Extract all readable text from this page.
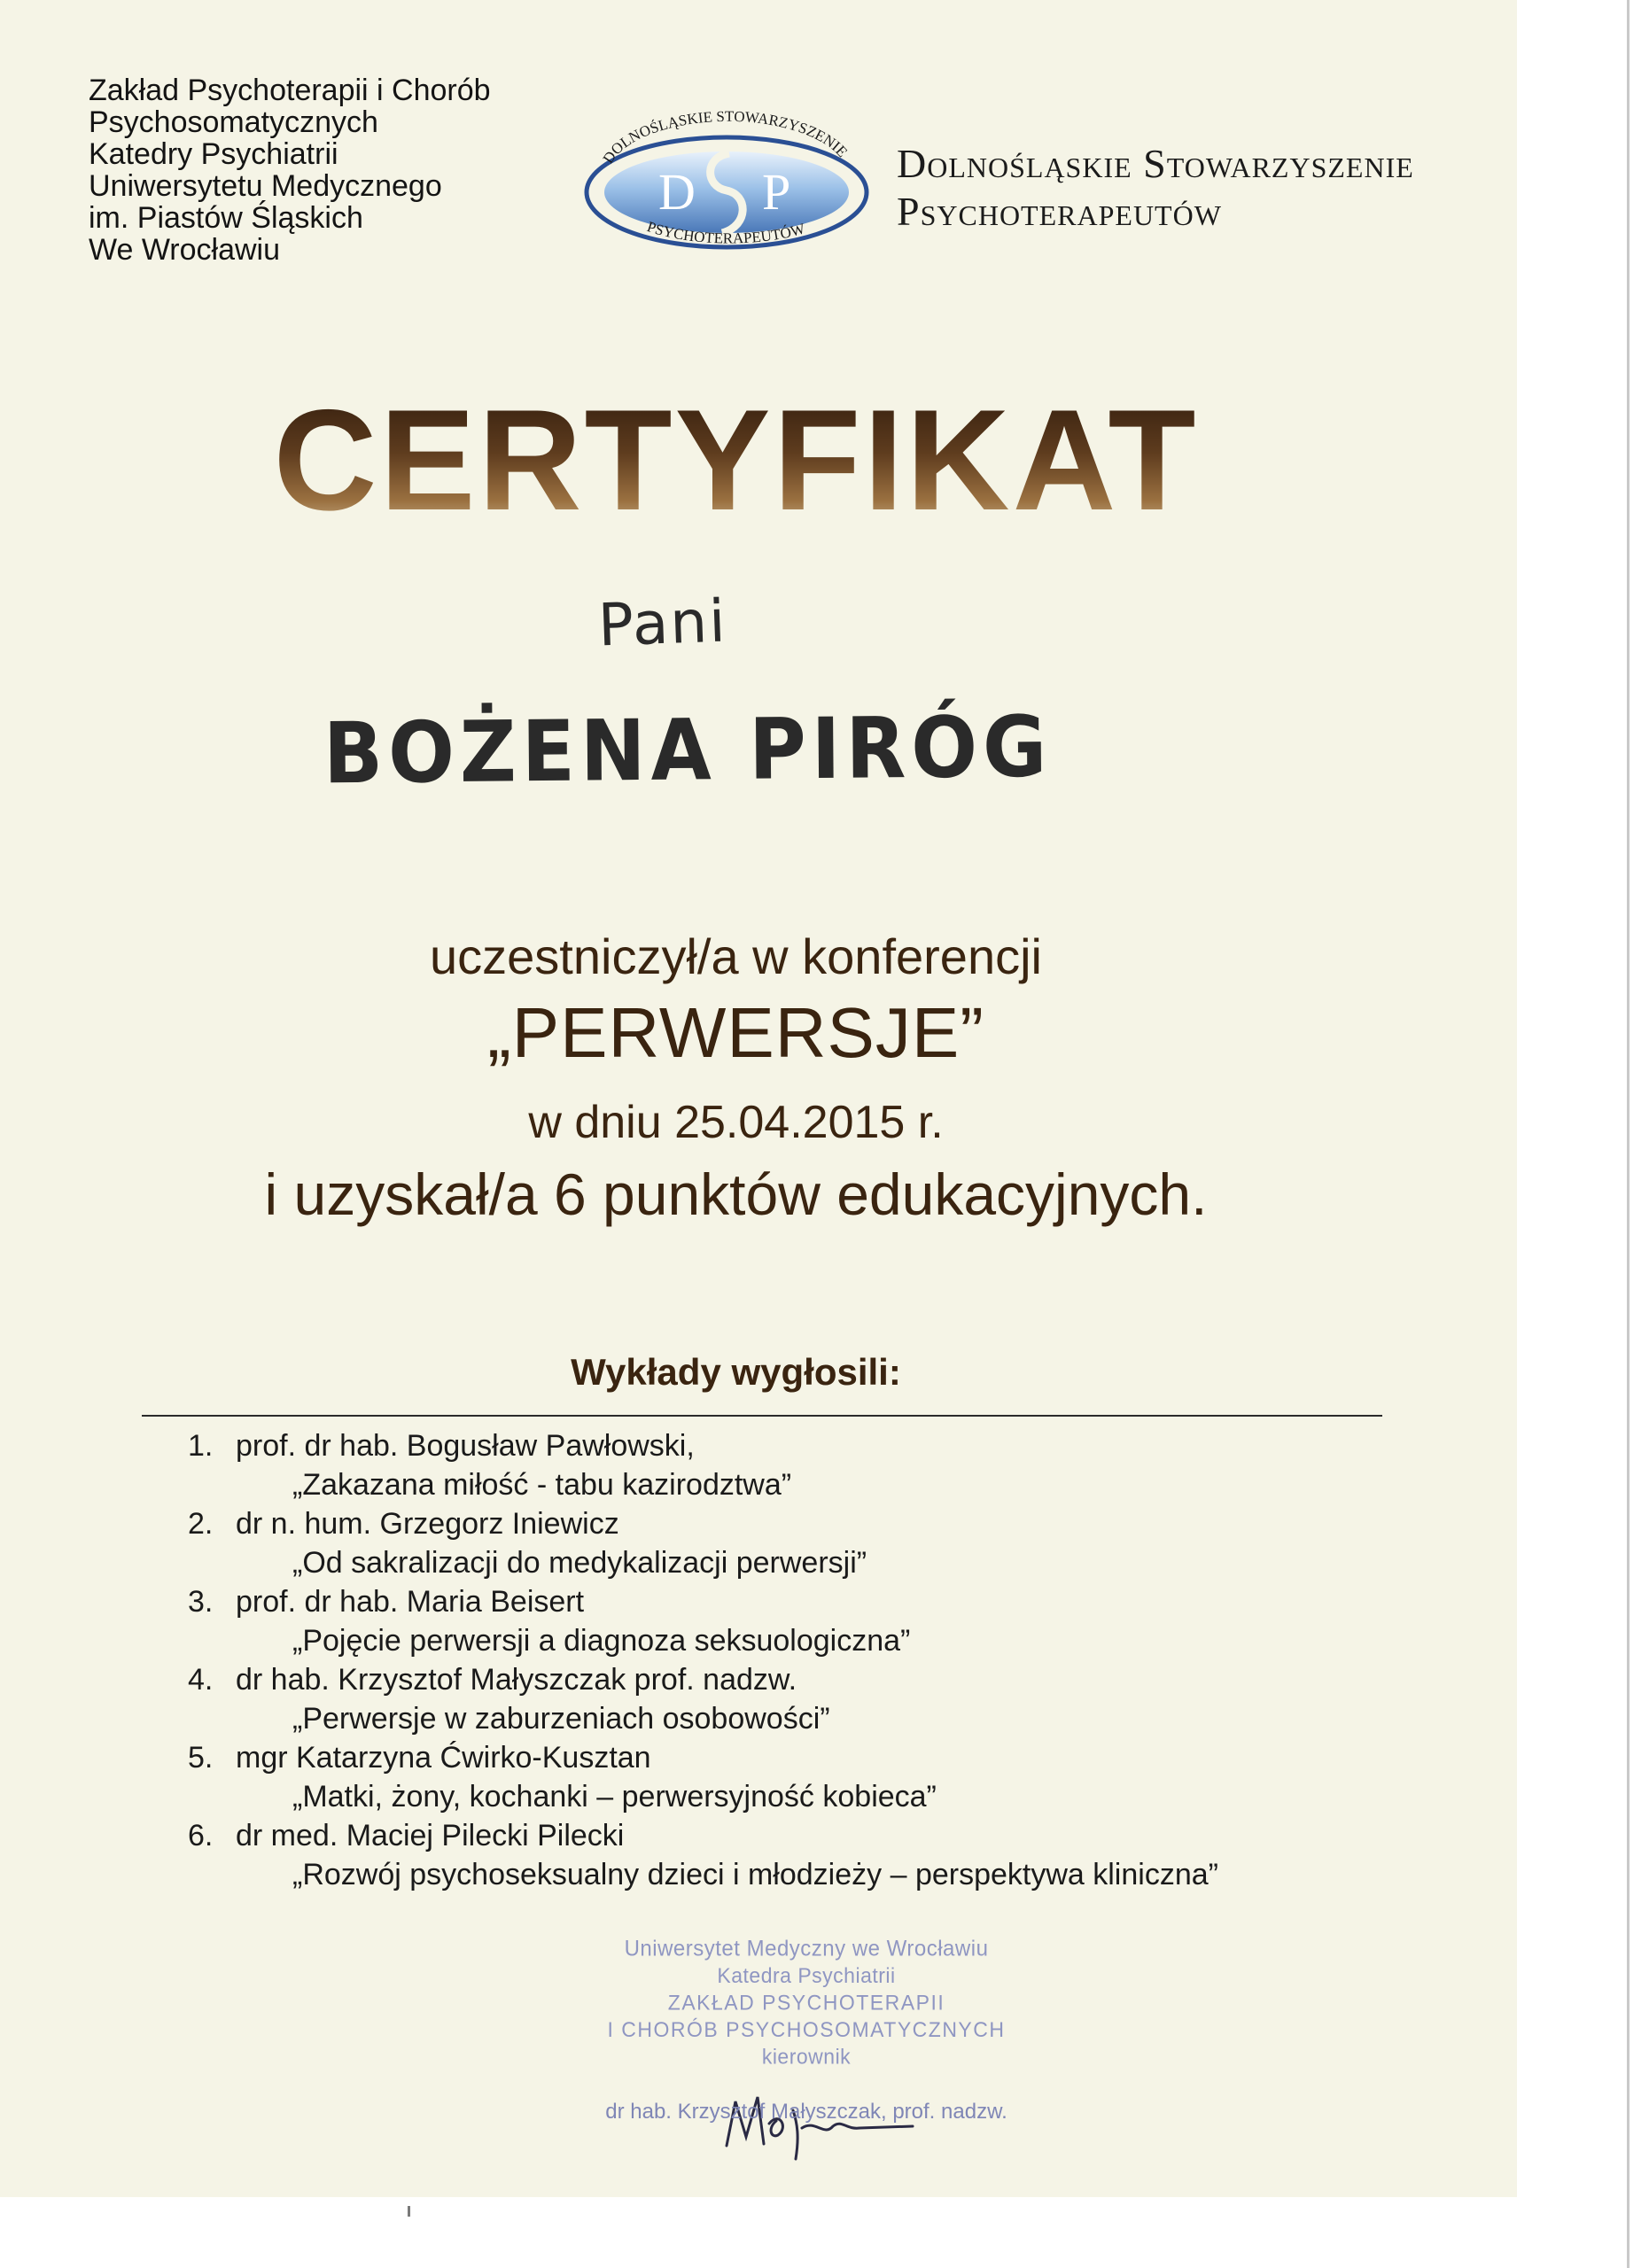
Zakład Psychoterapii i Chorób
Psychosomatycznych
Katedry Psychiatrii
Uniwersytetu Medycznego
im. Piastów Śląskich
We Wrocławiu
D P
DOLNOŚLĄSKIE STOWARZYSZENIE
PSYCHOTERAPEUTÓW
Dolnośląskie Stowarzyszenie
Psychoterapeutów
CERTYFIKAT
Pani
BOŻENA PIRÓG
uczestniczył/a w konferencji
„PERWERSJE”
w dniu 25.04.2015 r.
i uzyskał/a 6 punktów edukacyjnych.
Wykłady wygłosili:
1. prof. dr hab. Bogusław Pawłowski,
„Zakazana miłość - tabu kazirodztwa”
2. dr n. hum. Grzegorz Iniewicz
„Od sakralizacji do medykalizacji perwersji”
3. prof. dr hab. Maria Beisert
„Pojęcie perwersji a diagnoza seksuologiczna”
4. dr hab. Krzysztof Małyszczak prof. nadzw.
„Perwersje w zaburzeniach osobowości”
5. mgr Katarzyna Ćwirko-Kusztan
„Matki, żony, kochanki – perwersyjność kobieca”
6. dr med. Maciej Pilecki Pilecki
„Rozwój psychoseksualny dzieci i młodzieży – perspektywa kliniczna”
Uniwersytet Medyczny we Wrocławiu
Katedra Psychiatrii
ZAKŁAD PSYCHOTERAPII
I CHORÓB PSYCHOSOMATYCZNYCH
kierownik
dr hab. Krzysztof Małyszczak, prof. nadzw.
